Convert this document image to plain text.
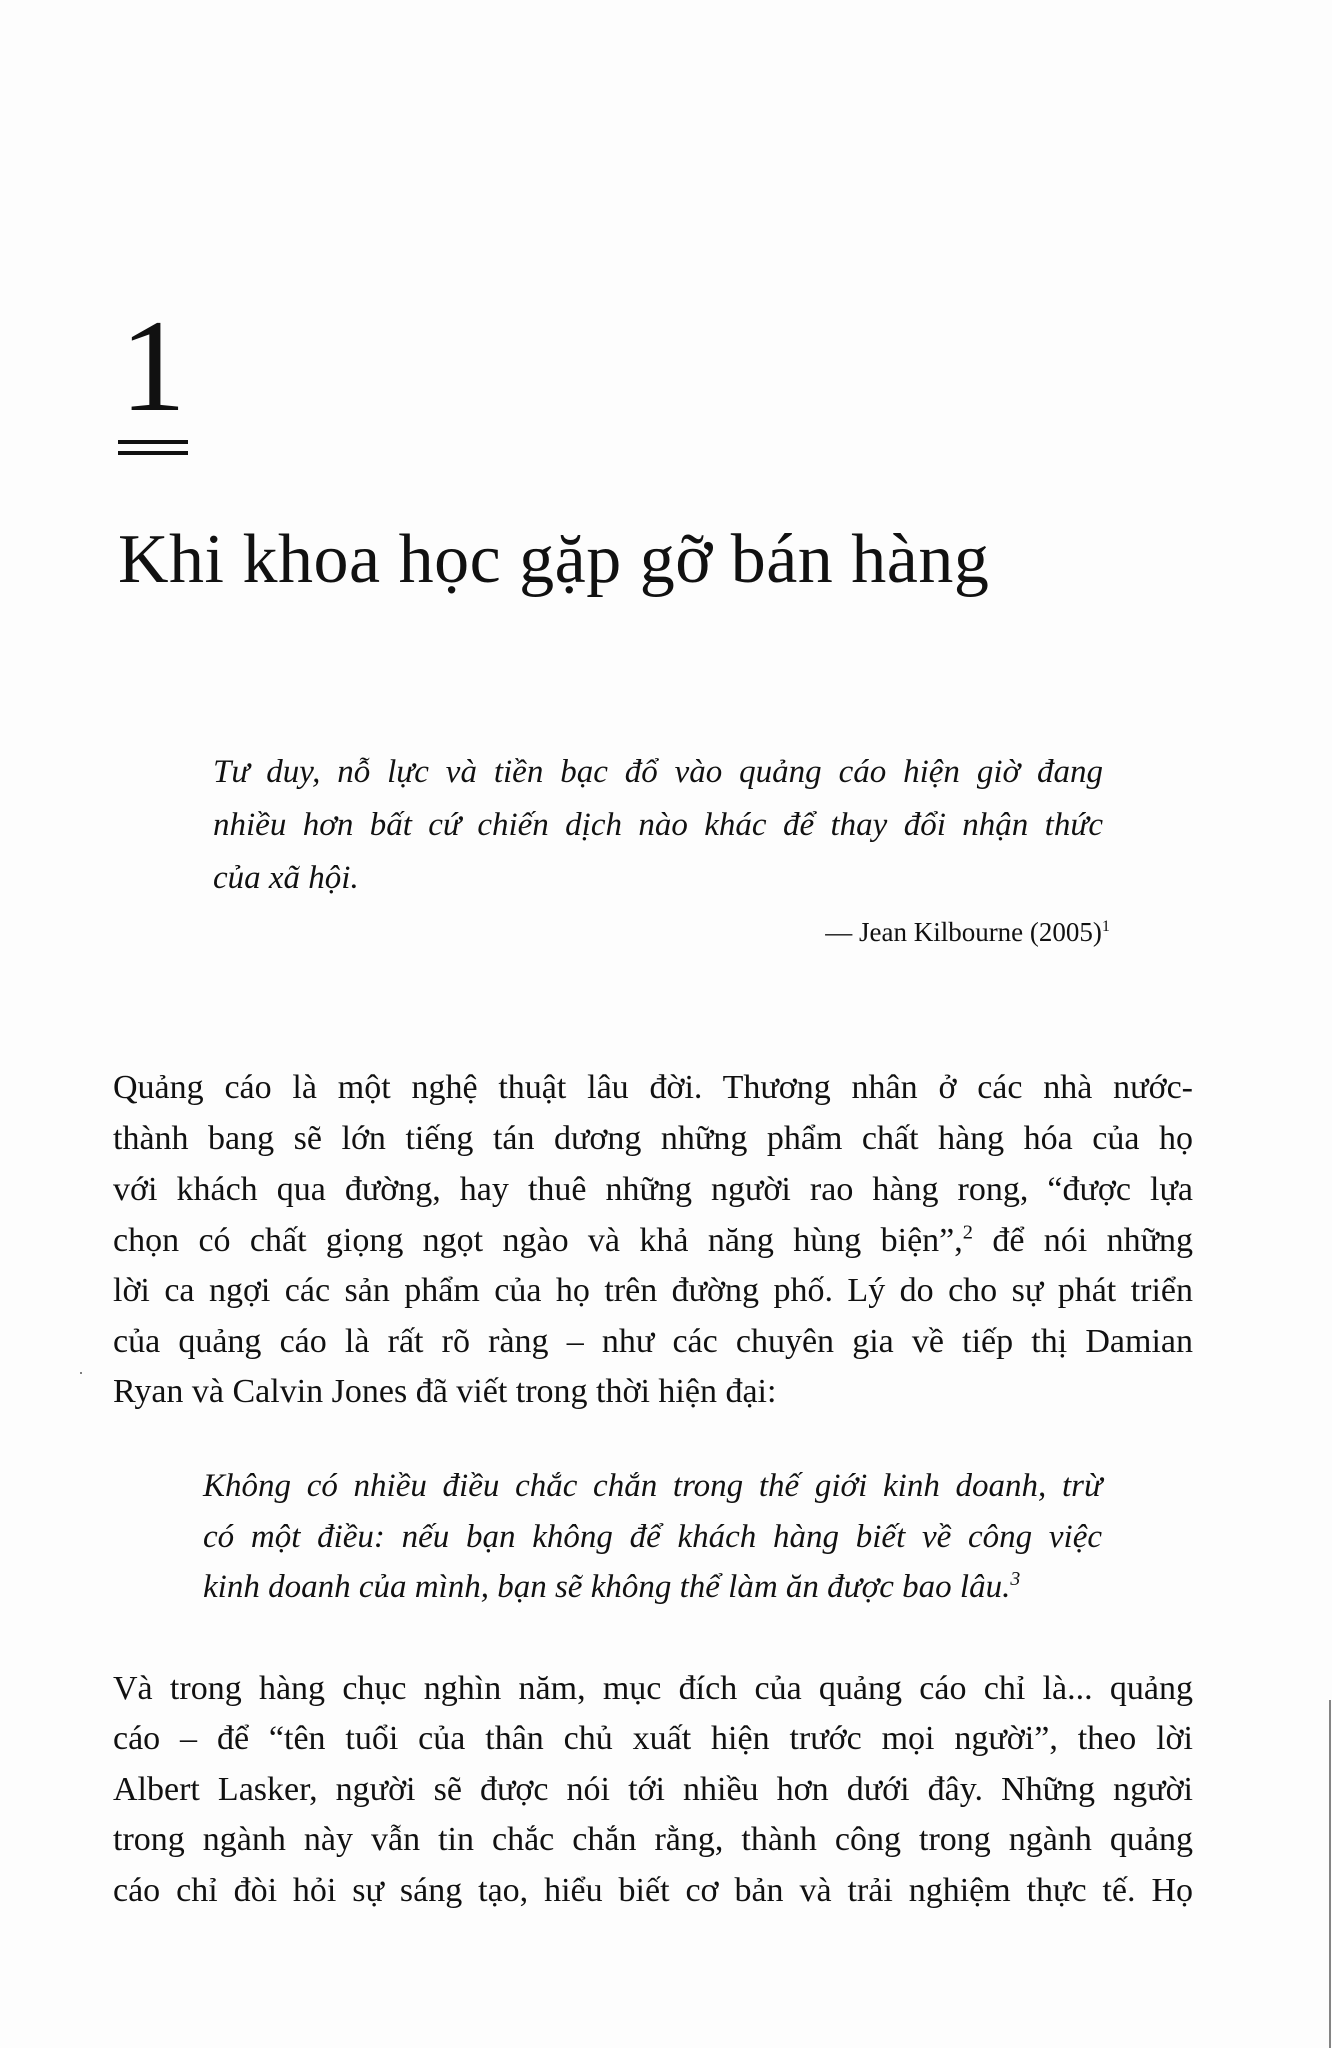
1
Khi khoa học gặp gỡ bán hàng
Tư duy, nỗ lực và tiền bạc đổ vào quảng cáo hiện giờ đang
nhiều hơn bất cứ chiến dịch nào khác để thay đổi nhận thức
của xã hội.
— Jean Kilbourne $(2005)^1$
Quảng cáo là một nghệ thuật lâu đời. Thương nhân ở các nhà nước-
thành bang sẽ lớn tiếng tán dương những phẩm chất hàng hóa của họ
với khách qua đường, hay thuê những người rao hàng rong, “được lựa
chọn có chất giọng ngọt ngào và khả năng hùng biện”,$^2$ để nói những
lời ca ngợi các sản phẩm của họ trên đường phố. Lý do cho sự phát triển
của quảng cáo là rất rõ ràng – như các chuyên gia về tiếp thị Damian
Ryan và Calvin Jones đã viết trong thời hiện đại:
Không có nhiều điều chắc chắn trong thế giới kinh doanh, trừ
có một điều: nếu bạn không để khách hàng biết về công việc
kinh doanh của mình, bạn sẽ không thể làm ăn được bao lâu.$^3$
Và trong hàng chục nghìn năm, mục đích của quảng cáo chỉ là... quảng
cáo – để “tên tuổi của thân chủ xuất hiện trước mọi người”, theo lời
Albert Lasker, người sẽ được nói tới nhiều hơn dưới đây. Những người
trong ngành này vẫn tin chắc chắn rằng, thành công trong ngành quảng
cáo chỉ đòi hỏi sự sáng tạo, hiểu biết cơ bản và trải nghiệm thực tế. Họ
